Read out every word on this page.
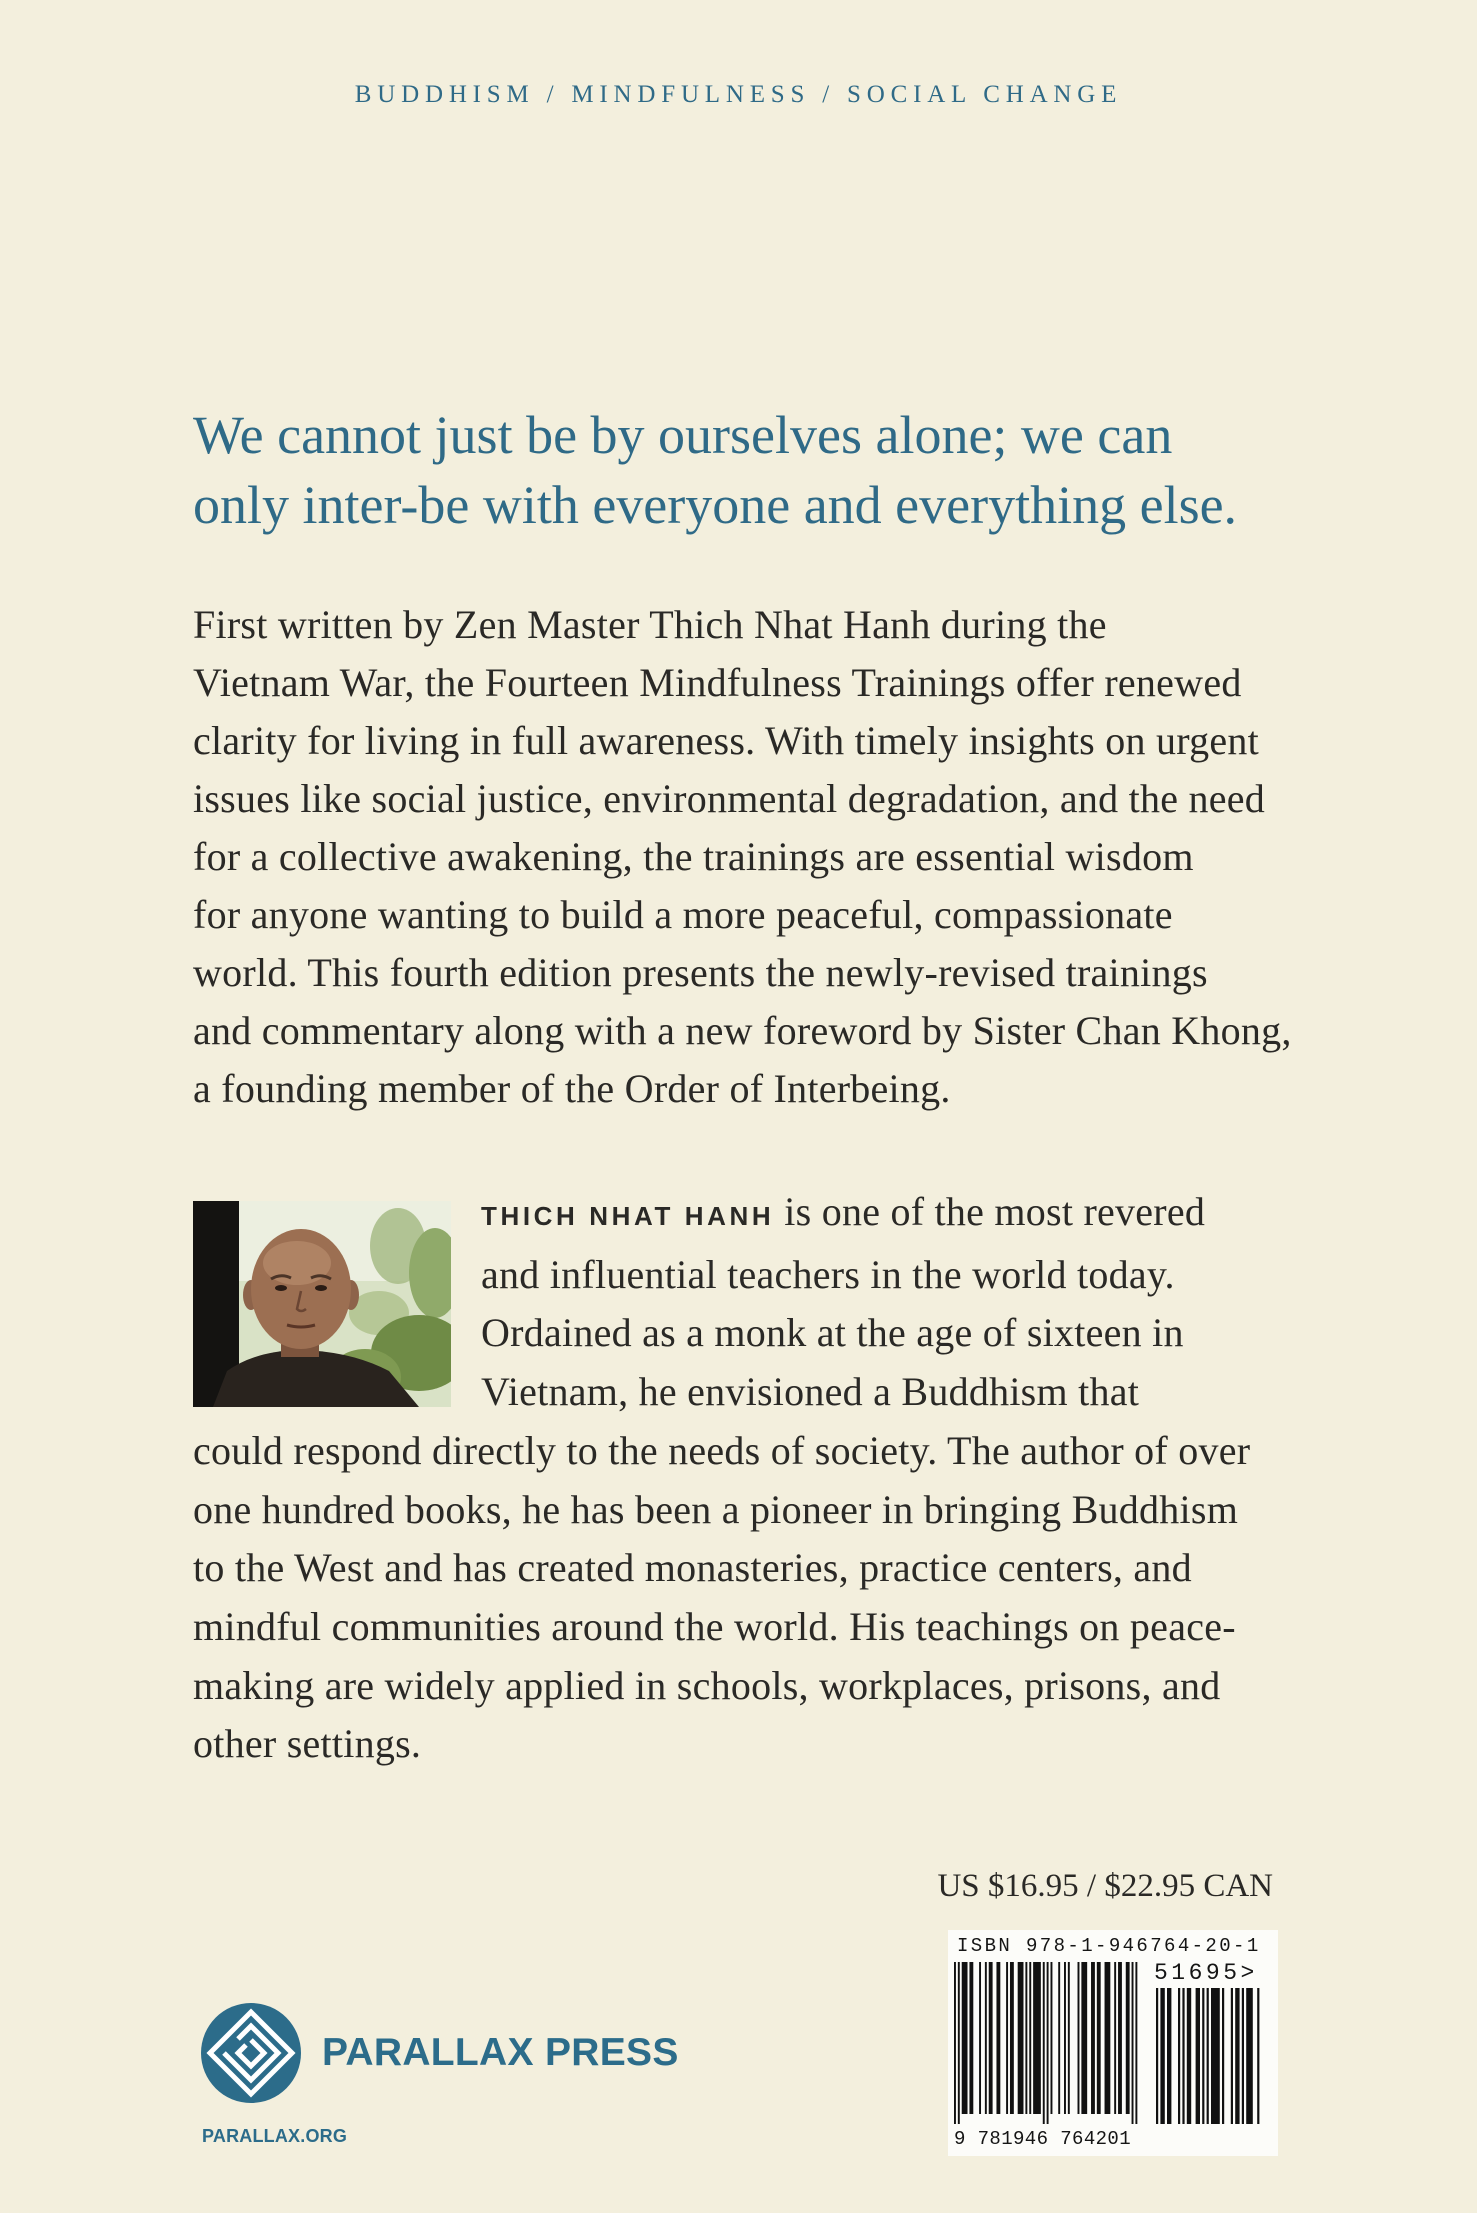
BUDDHISM / MINDFULNESS / SOCIAL CHANGE
We cannot just be by ourselves alone; we can
only inter-be with everyone and everything else.
First written by Zen Master Thich Nhat Hanh during the
Vietnam War, the Fourteen Mindfulness Trainings offer renewed
clarity for living in full awareness. With timely insights on urgent
issues like social justice, environmental degradation, and the need
for a collective awakening, the trainings are essential wisdom
for anyone wanting to build a more peaceful, compassionate
world. This fourth edition presents the newly-revised trainings
and commentary along with a new foreword by Sister Chan Khong,
a founding member of the Order of Interbeing.
THICH NHAT HANH is one of the most revered
and influential teachers in the world today.
Ordained as a monk at the age of sixteen in
Vietnam, he envisioned a Buddhism that
could respond directly to the needs of society. The author of over
one hundred books, he has been a pioneer in bringing Buddhism
to the West and has created monasteries, practice centers, and
mindful communities around the world. His teachings on peace-
making are widely applied in schools, workplaces, prisons, and
other settings.
US $16.95 / $22.95 CAN
ISBN 978-1-946764-20-1
51695>
9 781946 764201
PARALLAX PRESS
PARALLAX.ORG
